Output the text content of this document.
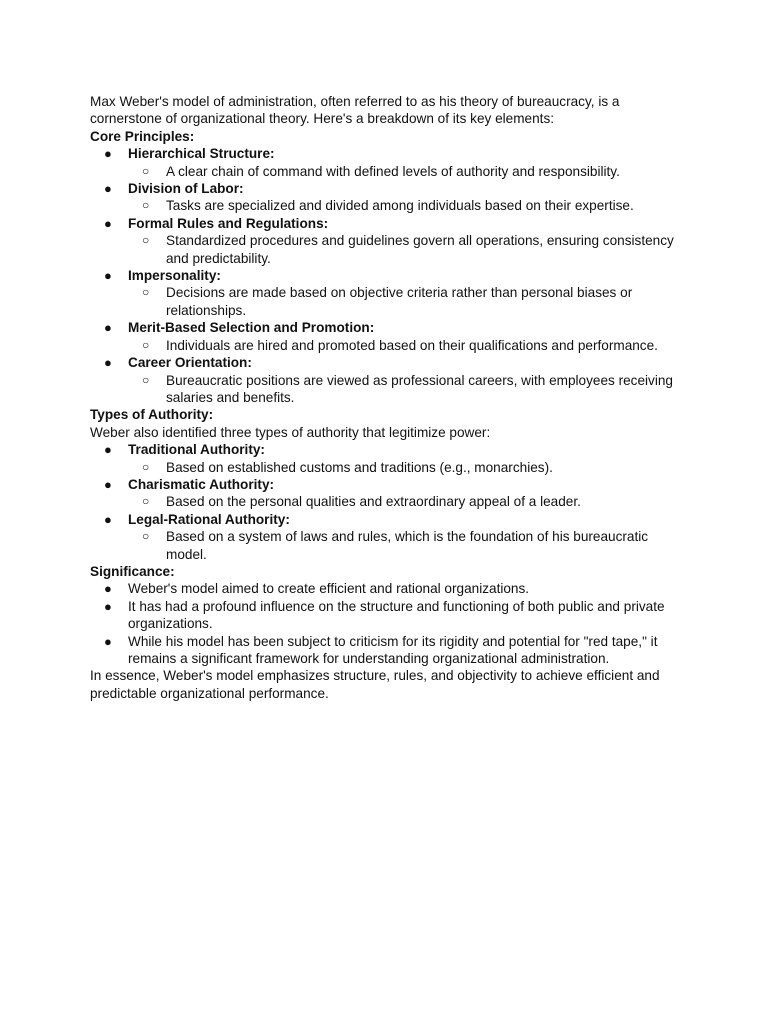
Max Weber's model of administration, often referred to as his theory of bureaucracy, is a cornerstone of organizational theory. Here's a breakdown of its key elements:

Core Principles:

● Hierarchical Structure:
○ A clear chain of command with defined levels of authority and responsibility.
● Division of Labor:
○ Tasks are specialized and divided among individuals based on their expertise.
● Formal Rules and Regulations:
○ Standardized procedures and guidelines govern all operations, ensuring consistency and predictability.
● Impersonality:
○ Decisions are made based on objective criteria rather than personal biases or relationships.
● Merit-Based Selection and Promotion:
○ Individuals are hired and promoted based on their qualifications and performance.
● Career Orientation:
○ Bureaucratic positions are viewed as professional careers, with employees receiving salaries and benefits.

Types of Authority:

Weber also identified three types of authority that legitimize power:

● Traditional Authority:
○ Based on established customs and traditions (e.g., monarchies).
● Charismatic Authority:
○ Based on the personal qualities and extraordinary appeal of a leader.
● Legal-Rational Authority:
○ Based on a system of laws and rules, which is the foundation of his bureaucratic model.

Significance:

● Weber's model aimed to create efficient and rational organizations.
● It has had a profound influence on the structure and functioning of both public and private organizations.
● While his model has been subject to criticism for its rigidity and potential for "red tape," it remains a significant framework for understanding organizational administration.

In essence, Weber's model emphasizes structure, rules, and objectivity to achieve efficient and predictable organizational performance.
